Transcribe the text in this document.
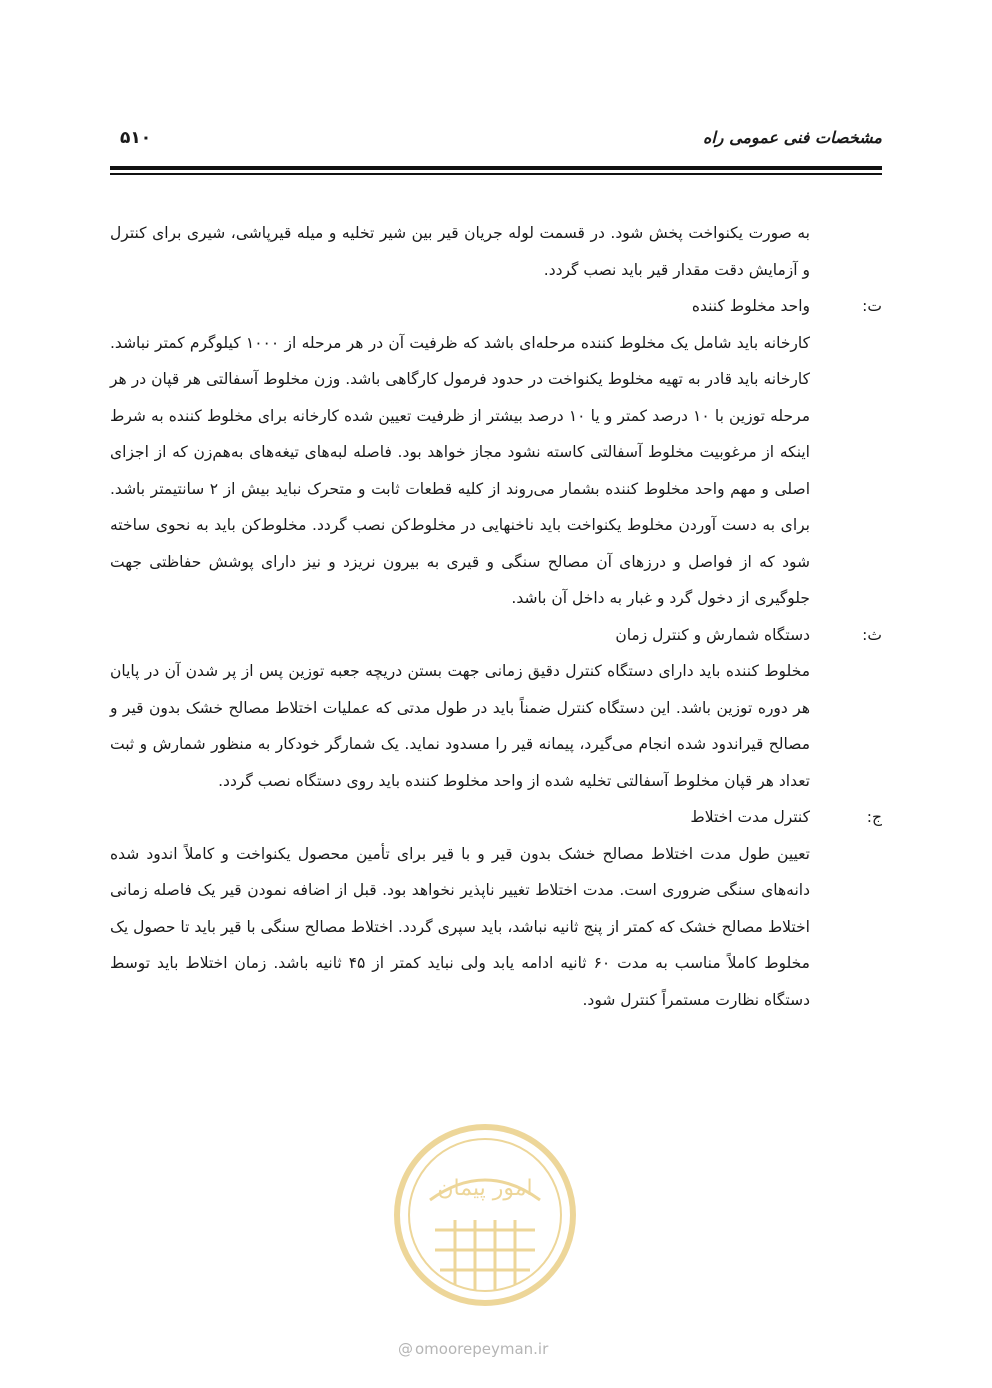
۵۱۰	مشخصات فنی عمومی راه

به صورت یکنواخت پخش شود. در قسمت لوله جریان قیر بین شیر تخلیه و میله قیرپاشی، شیری برای کنترل و آزمایش دقت مقدار قیر باید نصب گردد.

ت:
واحد مخلوط کننده

کارخانه باید شامل یک مخلوط کننده مرحله‌ای باشد که ظرفیت آن در هر مرحله از ۱۰۰۰ کیلوگرم کمتر نباشد. کارخانه باید قادر به تهیه مخلوط یکنواخت در حدود فرمول کارگاهی باشد. وزن مخلوط آسفالتی هر قپان در هر مرحله توزین با ۱۰ درصد کمتر و یا ۱۰ درصد بیشتر از ظرفیت تعیین شده کارخانه برای مخلوط کننده به شرط اینکه از مرغوبیت مخلوط آسفالتی کاسته نشود مجاز خواهد بود. فاصله لبه‌های تیغه‌های به‌هم‌زن که از اجزای اصلی و مهم واحد مخلوط کننده بشمار می‌روند از کلیه قطعات ثابت و متحرک نباید بیش از ۲ سانتیمتر باشد. برای به دست آوردن مخلوط یکنواخت باید ناخنهایی در مخلوط‌کن نصب گردد. مخلوط‌کن باید به نحوی ساخته شود که از فواصل و درزهای آن مصالح سنگی و قیری به بیرون نریزد و نیز دارای پوشش حفاظتی جهت جلوگیری از دخول گرد و غبار به داخل آن باشد.

ث:
دستگاه شمارش و کنترل زمان

مخلوط کننده باید دارای دستگاه کنترل دقیق زمانی جهت بستن دریچه جعبه توزین پس از پر شدن آن در پایان هر دوره توزین باشد. این دستگاه کنترل ضمناً باید در طول مدتی که عملیات اختلاط مصالح خشک بدون قیر و مصالح قیراندود شده انجام می‌گیرد، پیمانه قیر را مسدود نماید. یک شمارگر خودکار به منظور شمارش و ثبت تعداد هر قپان مخلوط آسفالتی تخلیه شده از واحد مخلوط کننده باید روی دستگاه نصب گردد.

ج:
کنترل مدت اختلاط

تعیین طول مدت اختلاط مصالح خشک بدون قیر و با قیر برای تأمین محصول یکنواخت و کاملاً اندود شده دانه‌های سنگی ضروری است. مدت اختلاط تغییر ناپذیر نخواهد بود. قبل از اضافه نمودن قیر یک فاصله زمانی اختلاط مصالح خشک که کمتر از پنج ثانیه نباشد، باید سپری گردد. اختلاط مصالح سنگی با قیر باید تا حصول یک مخلوط کاملاً مناسب به مدت ۶۰ ثانیه ادامه یابد ولی نباید کمتر از ۴۵ ثانیه باشد. زمان اختلاط باید توسط دستگاه نظارت مستمراً کنترل شود.

امور پیمان
@ omoorepeyman.ir
